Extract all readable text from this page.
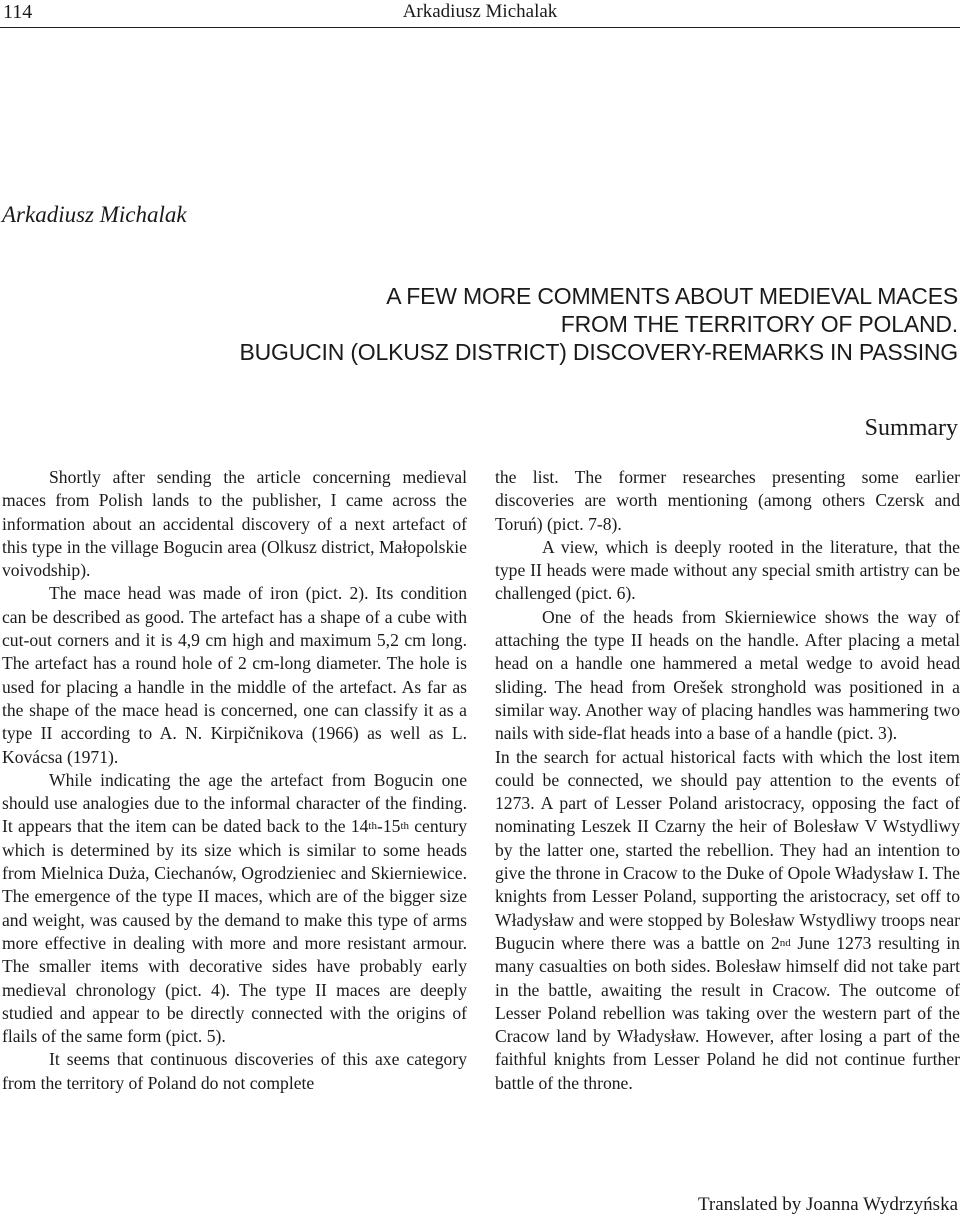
114	Arkadiusz Michalak
Arkadiusz Michalak
A FEW MORE COMMENTS ABOUT MEDIEVAL MACES
FROM THE TERRITORY OF POLAND.
BUGUCIN (OLKUSZ DISTRICT) DISCOVERY-REMARKS IN PASSING
Summary

Shortly after sending the article concerning medieval maces from Polish lands to the publisher, I came across the information about an accidental discovery of a next artefact of this type in the village Bogucin area (Olkusz district, Małopolskie voivodship).

The mace head was made of iron (pict. 2). Its condition can be described as good. The artefact has a shape of a cube with cut-out corners and it is 4,9 cm high and maximum 5,2 cm long. The artefact has a round hole of 2 cm-long diameter. The hole is used for placing a handle in the middle of the artefact. As far as the shape of the mace head is concerned, one can classify it as a type II according to A. N. Kirpičnikova (1966) as well as L. Kovácsa (1971).

While indicating the age the artefact from Bogucin one should use analogies due to the informal character of the finding. It appears that the item can be dated back to the 14th-15th century which is determined by its size which is similar to some heads from Mielnica Duża, Ciechanów, Ogrodzieniec and Skierniewice. The emergence of the type II maces, which are of the bigger size and weight, was caused by the demand to make this type of arms more effective in dealing with more and more resistant armour. The smaller items with decorative sides have probably early medieval chronology (pict. 4). The type II maces are deeply studied and appear to be directly connected with the origins of flails of the same form (pict. 5).

It seems that continuous discoveries of this axe category from the territory of Poland do not complete

the list. The former researches presenting some earlier discoveries are worth mentioning (among others Czersk and Toruń) (pict. 7-8).

A view, which is deeply rooted in the literature, that the type II heads were made without any special smith artistry can be challenged (pict. 6).

One of the heads from Skierniewice shows the way of attaching the type II heads on the handle. After placing a metal head on a handle one hammered a metal wedge to avoid head sliding. The head from Orešek stronghold was positioned in a similar way. Another way of placing handles was hammering two nails with side-flat heads into a base of a handle (pict. 3).

In the search for actual historical facts with which the lost item could be connected, we should pay attention to the events of 1273. A part of Lesser Poland aristocracy, opposing the fact of nominating Leszek II Czarny the heir of Bolesław V Wstydliwy by the latter one, started the rebellion. They had an intention to give the throne in Cracow to the Duke of Opole Władysław I. The knights from Lesser Poland, supporting the aristocracy, set off to Władysław and were stopped by Bolesław Wstydliwy troops near Bugucin where there was a battle on 2nd June 1273 resulting in many casualties on both sides. Bolesław himself did not take part in the battle, awaiting the result in Cracow. The outcome of Lesser Poland rebellion was taking over the western part of the Cracow land by Władysław. However, after losing a part of the faithful knights from Lesser Poland he did not continue further battle of the throne.

Translated by Joanna Wydrzyńska
